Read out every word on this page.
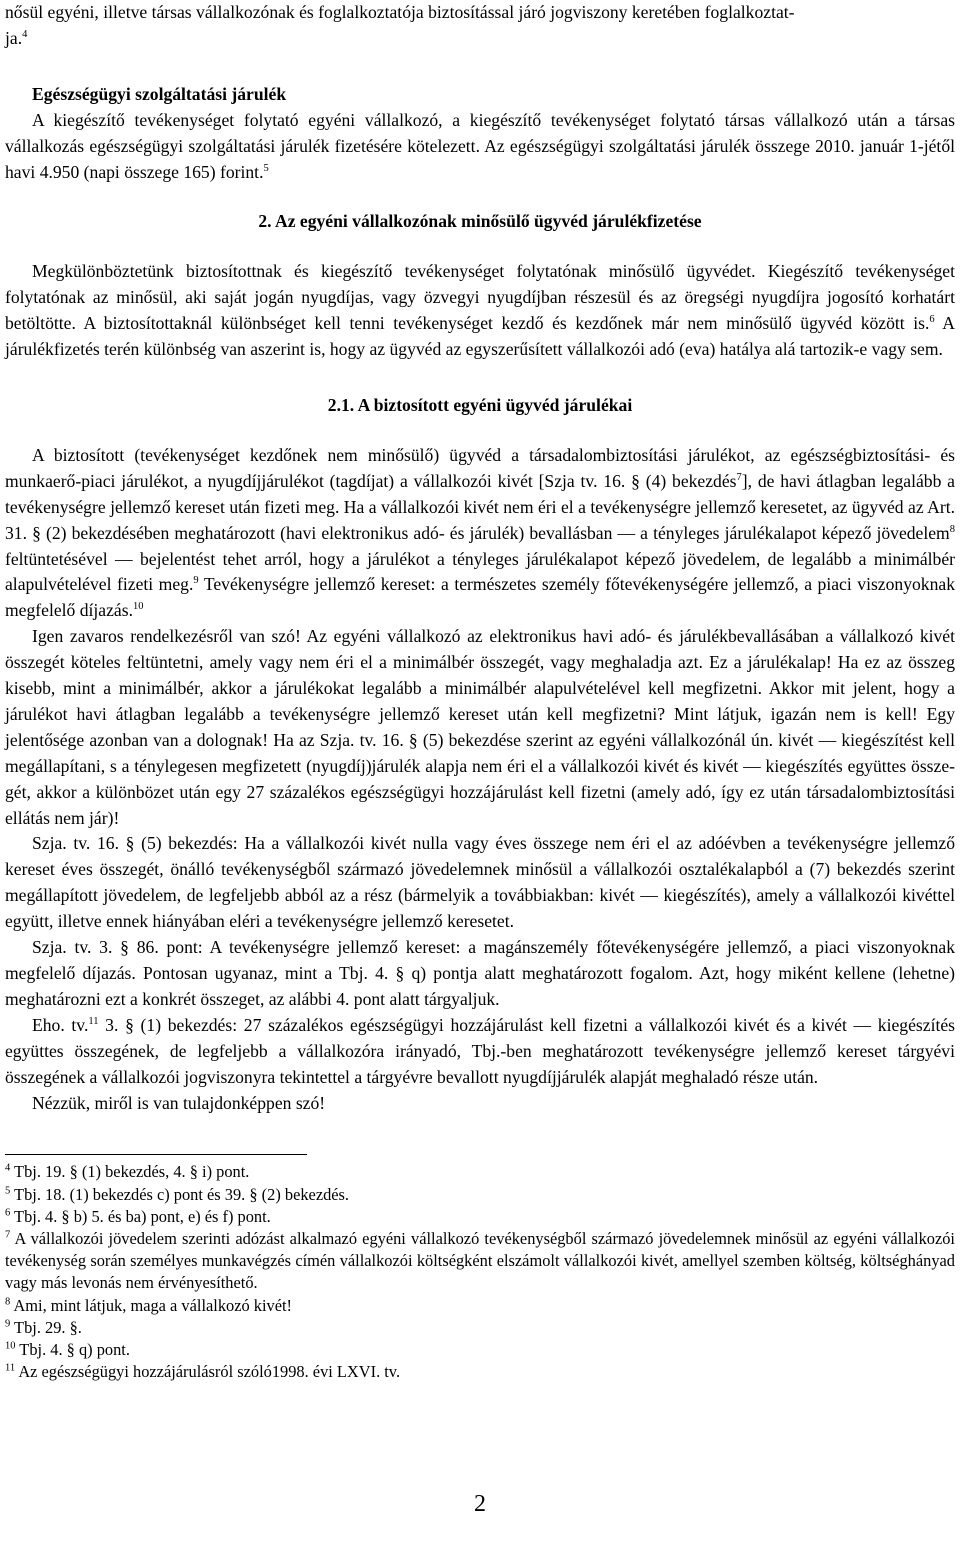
nősül egyéni, illetve társas vállalkozónak és foglalkoztatója biztosítással járó jogviszony keretében foglalkoztat-
ja.$^4$

Egészségügyi szolgáltatási járulék

A kiegészítő tevékenységet folytató egyéni vállalkozó, a kiegészítő tevékenységet folytató társas vállalkozó után a társas vállalkozás egészségügyi szolgáltatási járulék fizetésére kötelezett. Az egészségügyi szolgáltatási járulék összege 2010. január 1-jétől havi 4.950 (napi összege 165) forint.$^5$

2. Az egyéni vállalkozónak minősülő ügyvéd járulékfizetése

Megkülönböztetünk biztosítottnak és kiegészítő tevékenységet folytatónak minősülő ügyvédet. Kiegészítő tevékenységet folytatónak az minősül, aki saját jogán nyugdíjas, vagy özvegyi nyugdíjban részesül és az öregségi nyugdíjra jogosító korhatárt betöltötte. A biztosítottaknál különbséget kell tenni tevékenységet kezdő és kezdőnek már nem minősülő ügyvéd között is.$^6$ A járulékfizetés terén különbség van aszerint is, hogy az ügyvéd az egyszerűsített vállalkozói adó (eva) hatálya alá tartozik-e vagy sem.

2.1. A biztosított egyéni ügyvéd járulékai

A biztosított (tevékenységet kezdőnek nem minősülő) ügyvéd a társadalombiztosítási járulékot, az egészségbiztosítási- és munkaerő-piaci járulékot, a nyugdíjjárulékot (tagdíjat) a vállalkozói kivét [Szja tv. 16. § (4) bekezdés$^7$], de havi átlagban legalább a tevékenységre jellemző kereset után fizeti meg. Ha a vállalkozói kivét nem éri el a tevékenységre jellemző keresetet, az ügyvéd az Art. 31. § (2) bekezdésében meghatározott (havi elektronikus adó- és járulék) bevallásban — a tényleges járulékalapot képező jövedelem$^8$ feltüntetésével — bejelentést tehet arról, hogy a járulékot a tényleges járulékalapot képező jövedelem, de legalább a minimálbér alapulvételével fizeti meg.$^9$ Tevékenységre jellemző kereset: a természetes személy főtevékenységére jellemző, a piaci viszonyoknak megfelelő díjazás.$^{10}$

Igen zavaros rendelkezésről van szó! Az egyéni vállalkozó az elektronikus havi adó- és járulékbevallásában a vállalkozó kivét összegét köteles feltüntetni, amely vagy nem éri el a minimálbér összegét, vagy meghaladja azt. Ez a járulékalap! Ha ez az összeg kisebb, mint a minimálbér, akkor a járulékokat legalább a minimálbér alapulvételével kell megfizetni. Akkor mit jelent, hogy a járulékot havi átlagban legalább a tevékenységre jellemző kereset után kell megfizetni? Mint látjuk, igazán nem is kell! Egy jelentősége azonban van a dolognak! Ha az Szja. tv. 16. § (5) bekezdése szerint az egyéni vállalkozónál ún. kivét — kiegészítést kell megállapítani, s a ténylegesen megfizetett (nyugdíj)járulék alapja nem éri el a vállalkozói kivét és kivét — kiegészítés együttes összegét, akkor a különbözet után egy 27 százalékos egészségügyi hozzájárulást kell fizetni (amely adó, így ez után társadalombiztosítási ellátás nem jár)!

Szja. tv. 16. § (5) bekezdés: Ha a vállalkozói kivét nulla vagy éves összege nem éri el az adóévben a tevékenységre jellemző kereset éves összegét, önálló tevékenységből származó jövedelemnek minősül a vállalkozói osztalékalapból a (7) bekezdés szerint megállapított jövedelem, de legfeljebb abból az a rész (bármelyik a továbbiakban: kivét — kiegészítés), amely a vállalkozói kivéttel együtt, illetve ennek hiányában eléri a tevékenységre jellemző keresetet.

Szja. tv. 3. § 86. pont: A tevékenységre jellemző kereset: a magánszemély főtevékenységére jellemző, a piaci viszonyoknak megfelelő díjazás. Pontosan ugyanaz, mint a Tbj. 4. § q) pontja alatt meghatározott fogalom. Azt, hogy miként kellene (lehetne) meghatározni ezt a konkrét összeget, az alábbi 4. pont alatt tárgyaljuk.

Eho. tv.$^{11}$ 3. § (1) bekezdés: 27 százalékos egészségügyi hozzájárulást kell fizetni a vállalkozói kivét és a kivét — kiegészítés együttes összegének, de legfeljebb a vállalkozóra irányadó, Tbj.-ben meghatározott tevékenységre jellemző kereset tárgyévi összegének a vállalkozói jogviszonyra tekintettel a tárgyévre bevallott nyugdíjjárulék alapját meghaladó része után.

Nézzük, miről is van tulajdonképpen szó!

$^4$ Tbj. 19. § (1) bekezdés, 4. § i) pont.

$^5$ Tbj. 18. (1) bekezdés c) pont és 39. § (2) bekezdés.

$^6$ Tbj. 4. § b) 5. és ba) pont, e) és f) pont.

$^7$ A vállalkozói jövedelem szerinti adózást alkalmazó egyéni vállalkozó tevékenységből származó jövedelemnek minősül az egyéni vállalkozói tevékenység során személyes munkavégzés címén vállalkozói költségként elszámolt vállalkozói kivét, amellyel szemben költség, költséghányad vagy más levonás nem érvényesíthető.

$^8$ Ami, mint látjuk, maga a vállalkozó kivét!

$^9$ Tbj. 29. §.

$^{10}$ Tbj. 4. § q) pont.

$^{11}$ Az egészségügyi hozzájárulásról szóló1998. évi LXVI. tv.

2
